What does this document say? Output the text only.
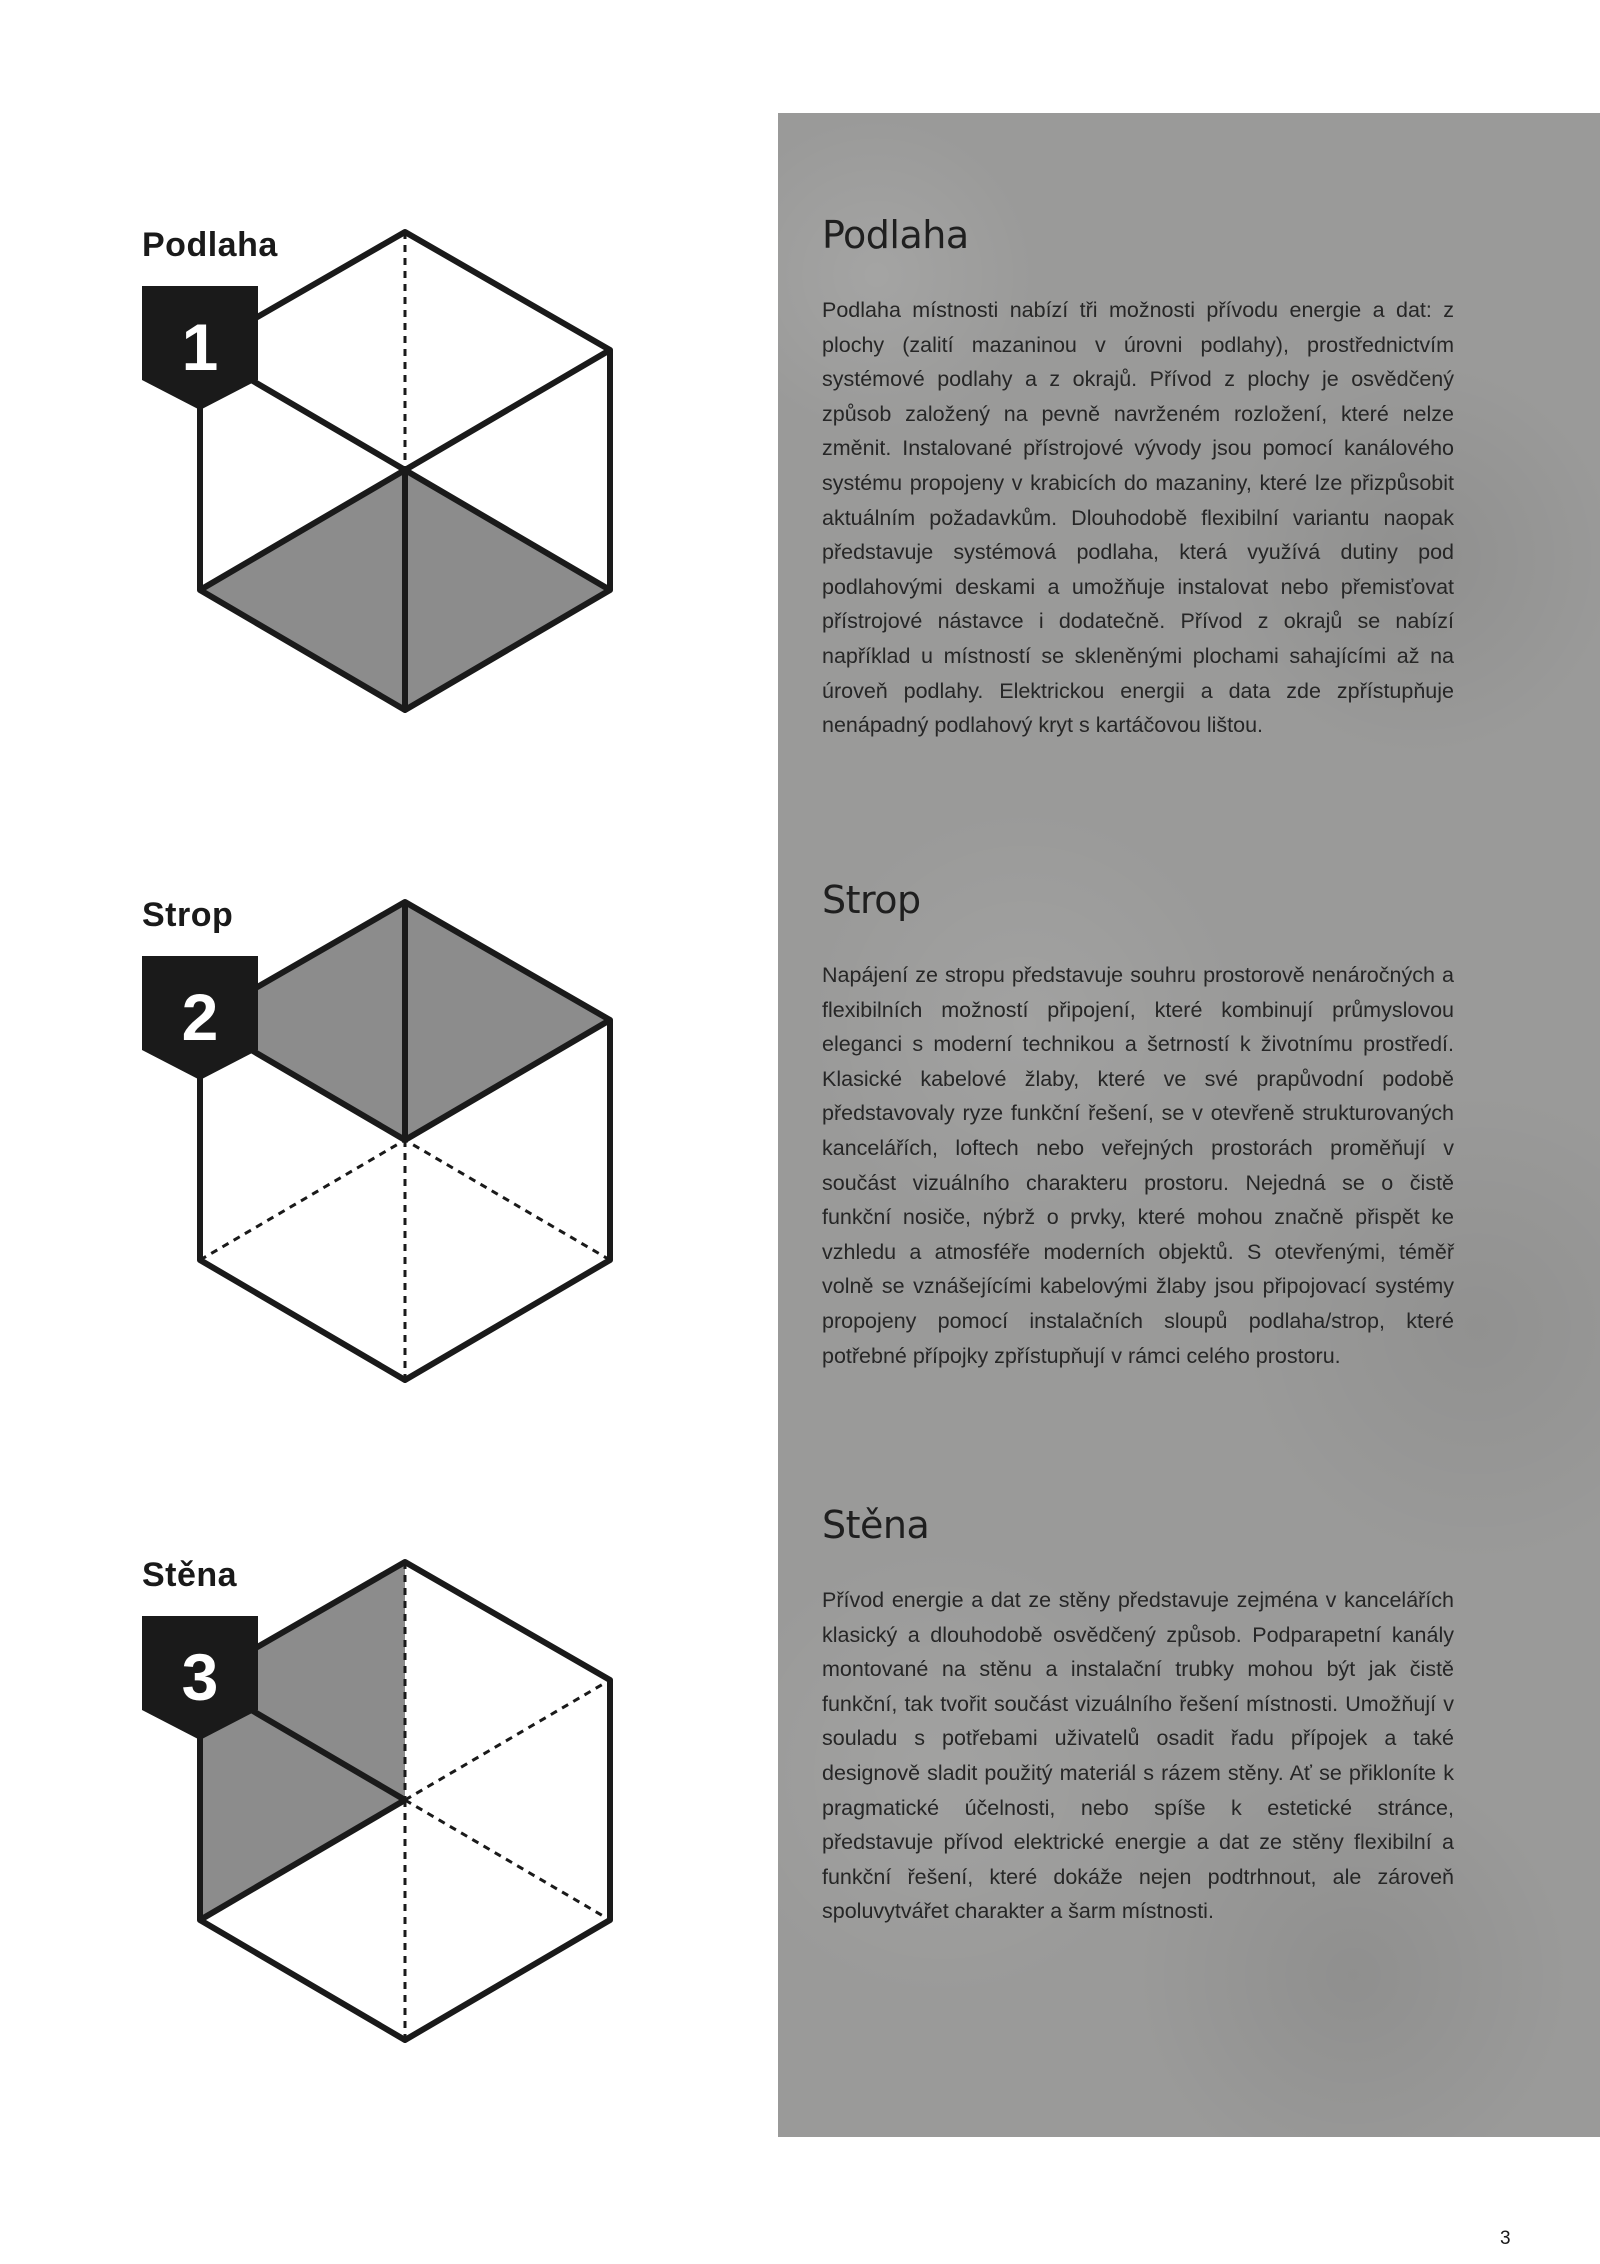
Podlaha
1
Strop
2
Stěna
3
Podlaha

Podlaha místnosti nabízí tři možnosti přívodu energie a dat: z plochy (zalití mazaninou v úrovni podlahy), prostřednictvím systémové podlahy a z okrajů. Přívod z plochy je osvědčený způsob založený na pevně navrženém rozložení, které nelze změnit. Instalované přístrojové vývody jsou pomocí kanálového systému propojeny v krabicích do mazaniny, které lze přizpůsobit aktuálním požadavkům. Dlouhodobě flexibilní variantu naopak představuje systémová podlaha, která využívá dutiny pod podlahovými deskami a umožňuje instalovat nebo přemisťovat přístrojové nástavce i dodatečně. Přívod z okrajů se nabízí například u místností se skleněnými plochami sahajícími až na úroveň podlahy. Elektrickou energii a data zde zpřístupňuje nenápadný podlahový kryt s kartáčovou lištou.

Strop

Napájení ze stropu představuje souhru prostorově nenáročných a flexibilních možností připojení, které kombinují průmyslovou eleganci s moderní technikou a šetrností k životnímu prostředí. Klasické kabelové žlaby, které ve své prapůvodní podobě představovaly ryze funkční řešení, se v otevřeně strukturovaných kancelářích, loftech nebo veřejných prostorách proměňují v součást vizuálního charakteru prostoru. Nejedná se o čistě funkční nosiče, nýbrž o prvky, které mohou značně přispět ke vzhledu a atmosféře moderních objektů. S otevřenými, téměř volně se vznášejícími kabelovými žlaby jsou připojovací systémy propojeny pomocí instalačních sloupů podlaha/strop, které potřebné přípojky zpřístupňují v rámci celého prostoru.

Stěna

Přívod energie a dat ze stěny představuje zejména v kancelářích klasický a dlouhodobě osvědčený způsob. Podparapetní kanály montované na stěnu a instalační trubky mohou být jak čistě funkční, tak tvořit součást vizuálního řešení místnosti. Umožňují v souladu s potřebami uživatelů osadit řadu přípojek a také designově sladit použitý materiál s rázem stěny. Ať se přikloníte k pragmatické účelnosti, nebo spíše k estetické stránce, představuje přívod elektrické energie a dat ze stěny flexibilní a funkční řešení, které dokáže nejen podtrhnout, ale zároveň spoluvytvářet charakter a šarm místnosti.

3
